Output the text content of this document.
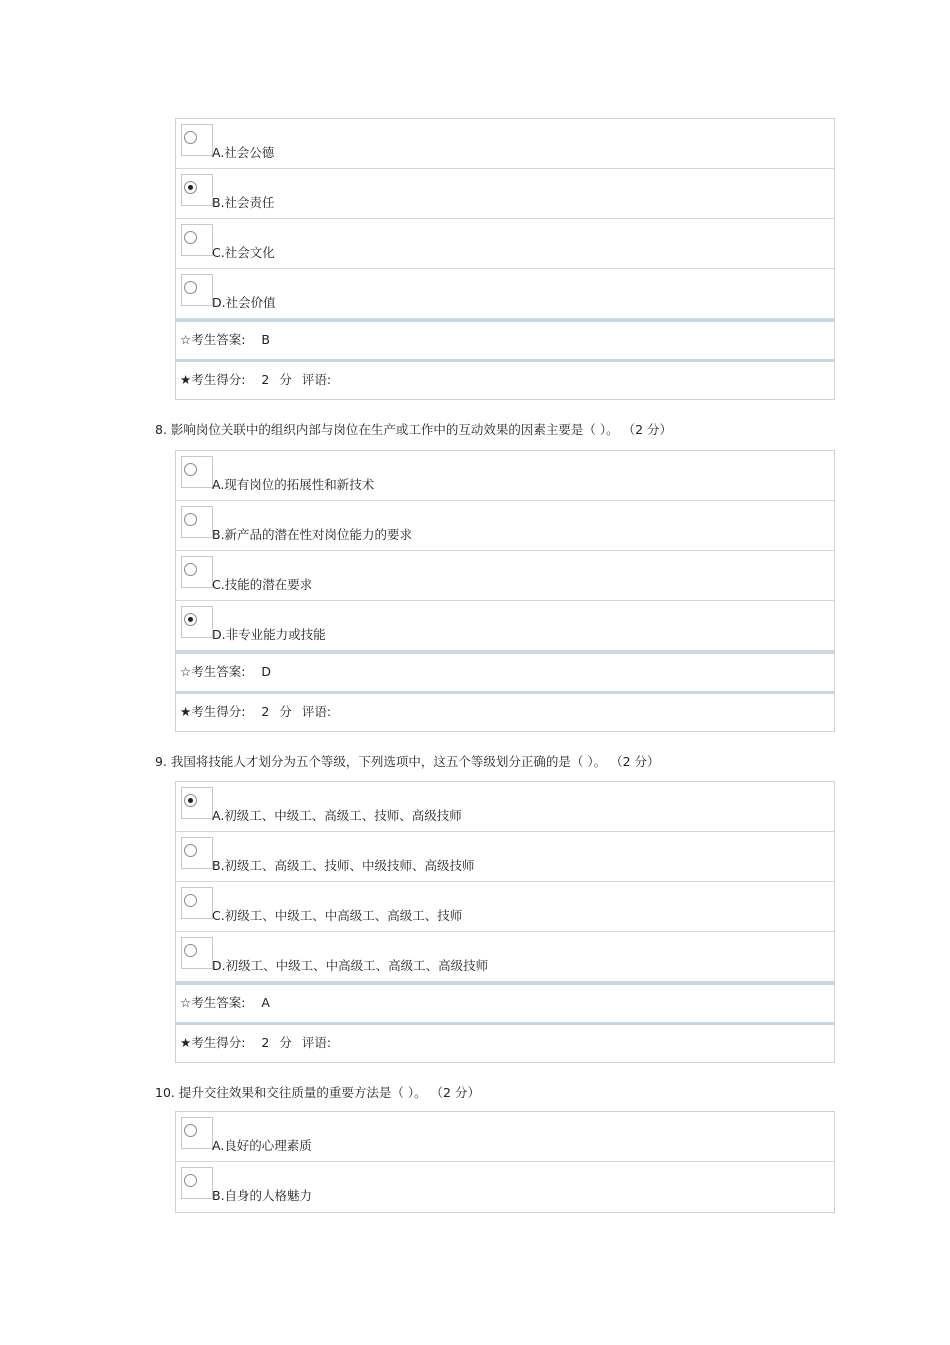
A.社会公德
B.社会责任
C.社会文化
D.社会价值
☆考生答案: B
★考生得分: 2 分 评语:
8. 影响岗位关联中的组织内部与岗位在生产或工作中的互动效果的因素主要是（ ）。 （2 分）
A.现有岗位的拓展性和新技术
B.新产品的潜在性对岗位能力的要求
C.技能的潜在要求
D.非专业能力或技能
☆考生答案: D
★考生得分: 2 分 评语:
9. 我国将技能人才划分为五个等级，下列选项中，这五个等级划分正确的是（ ）。 （2 分）
A.初级工、中级工、高级工、技师、高级技师
B.初级工、高级工、技师、中级技师、高级技师
C.初级工、中级工、中高级工、高级工、技师
D.初级工、中级工、中高级工、高级工、高级技师
☆考生答案: A
★考生得分: 2 分 评语:
10. 提升交往效果和交往质量的重要方法是（ ）。 （2 分）
A.良好的心理素质
B.自身的人格魅力
